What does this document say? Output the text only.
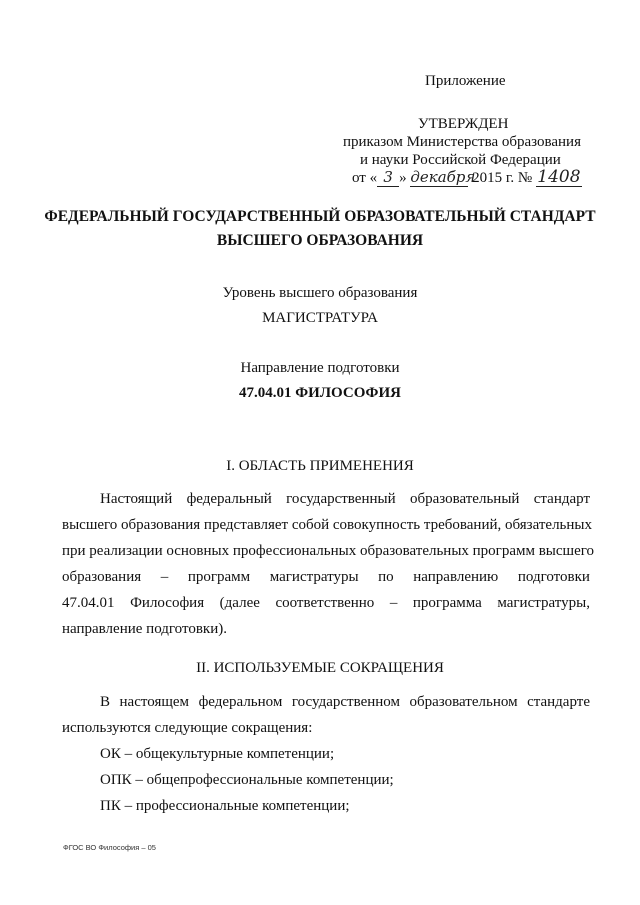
Приложение
УТВЕРЖДЕН
приказом Министерства образования
и науки Российской Федерации
от « 3 » декабря 2015 г. № 1408
ФЕДЕРАЛЬНЫЙ ГОСУДАРСТВЕННЫЙ ОБРАЗОВАТЕЛЬНЫЙ СТАНДАРТ
ВЫСШЕГО ОБРАЗОВАНИЯ
Уровень высшего образования
МАГИСТРАТУРА
Направление подготовки
47.04.01 ФИЛОСОФИЯ
I. ОБЛАСТЬ ПРИМЕНЕНИЯ
Настоящий федеральный государственный образовательный стандарт
высшего образования представляет собой совокупность требований, обязательных
при реализации основных профессиональных образовательных программ высшего
образования – программ магистратуры по направлению подготовки
47.04.01 Философия (далее соответственно – программа магистратуры,
направление подготовки).
II. ИСПОЛЬЗУЕМЫЕ СОКРАЩЕНИЯ
В настоящем федеральном государственном образовательном стандарте
используются следующие сокращения:
ОК – общекультурные компетенции;
ОПК – общепрофессиональные компетенции;
ПК – профессиональные компетенции;
ФГОС ВО Философия – 05
